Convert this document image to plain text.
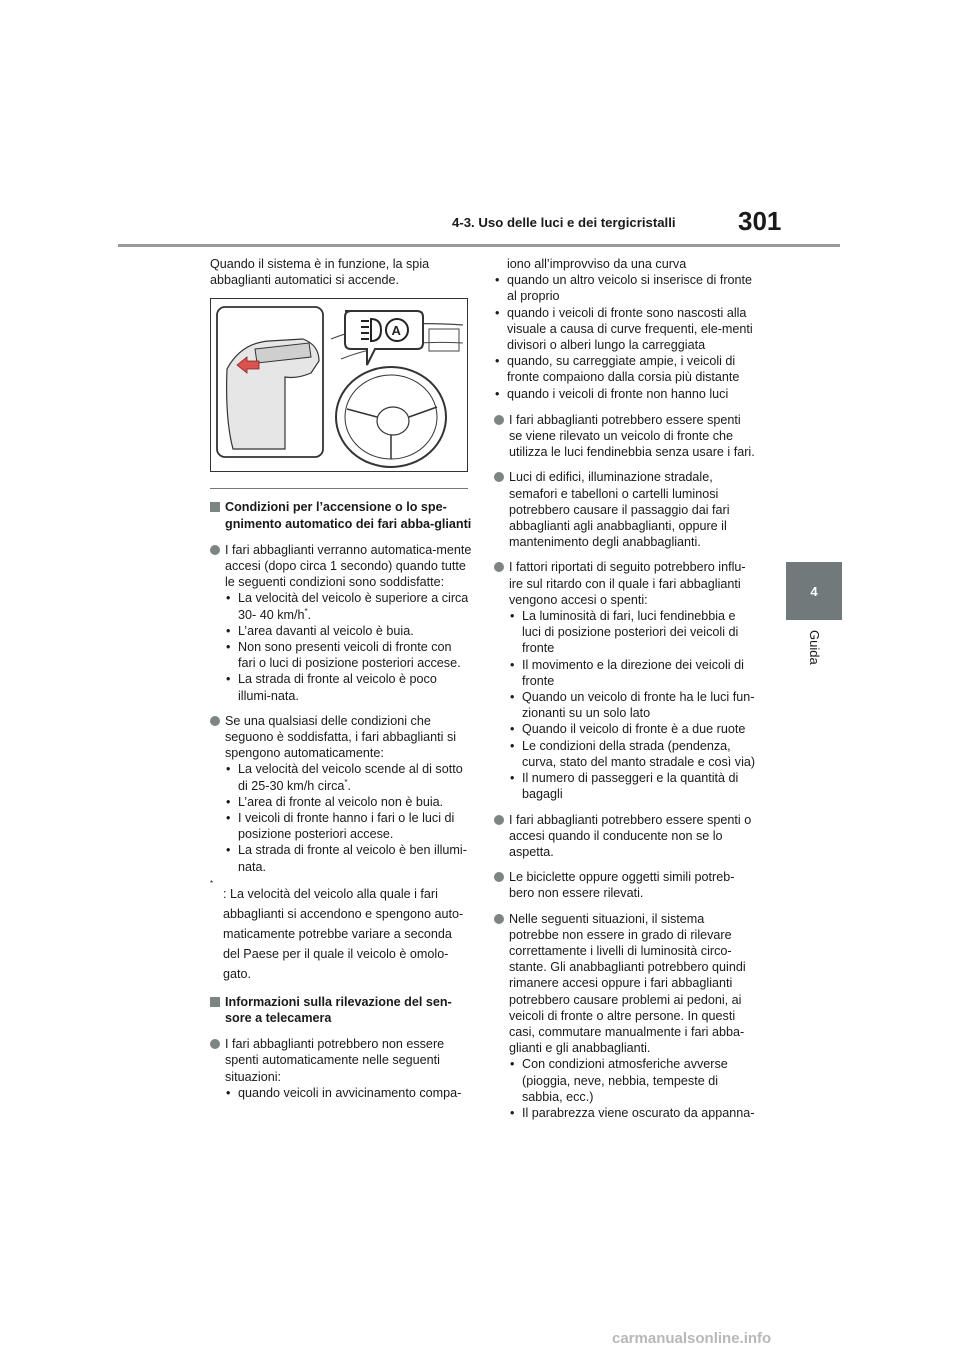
4-3. Uso delle luci e dei tergicristalli 301
4
Guida

Quando il sistema è in funzione, la spia abbaglianti automatici si accende.

A
Condizioni per l’accensione o lo spe-gnimento automatico dei fari abba-glianti
I fari abbaglianti verranno automatica-mente accesi (dopo circa 1 secondo) quando tutte le seguenti condizioni sono soddisfatte:
• La velocità del veicolo è superiore a circa 30- 40 km/h*.
• L’area davanti al veicolo è buia.
• Non sono presenti veicoli di fronte con fari o luci di posizione posteriori accese.
• La strada di fronte al veicolo è poco illumi-nata.
Se una qualsiasi delle condizioni che seguono è soddisfatta, i fari abbaglianti si spengono automaticamente:
• La velocità del veicolo scende al di sotto di 25-30 km/h circa*.
• L’area di fronte al veicolo non è buia.
• I veicoli di fronte hanno i fari o le luci di posizione posteriori accese.
• La strada di fronte al veicolo è ben illumi-nata.
*
: La velocità del veicolo alla quale i fari abbaglianti si accendono e spengono auto-maticamente potrebbe variare a seconda del Paese per il quale il veicolo è omolo-gato.
Informazioni sulla rilevazione del sen-sore a telecamera
I fari abbaglianti potrebbero non essere spenti automaticamente nelle seguenti situazioni:
• quando veicoli in avvicinamento compa-
iono all’improvviso da una curva
• quando un altro veicolo si inserisce di fronte al proprio
• quando i veicoli di fronte sono nascosti alla visuale a causa di curve frequenti, ele-menti divisori o alberi lungo la carreggiata
• quando, su carreggiate ampie, i veicoli di fronte compaiono dalla corsia più distante
• quando i veicoli di fronte non hanno luci
I fari abbaglianti potrebbero essere spenti se viene rilevato un veicolo di fronte che utilizza le luci fendinebbia senza usare i fari.
Luci di edifici, illuminazione stradale, semafori e tabelloni o cartelli luminosi potrebbero causare il passaggio dai fari abbaglianti agli anabbaglianti, oppure il mantenimento degli anabbaglianti.
I fattori riportati di seguito potrebbero influ-ire sul ritardo con il quale i fari abbaglianti vengono accesi o spenti:
• La luminosità di fari, luci fendinebbia e luci di posizione posteriori dei veicoli di fronte
• Il movimento e la direzione dei veicoli di fronte
• Quando un veicolo di fronte ha le luci fun-zionanti su un solo lato
• Quando il veicolo di fronte è a due ruote
• Le condizioni della strada (pendenza, curva, stato del manto stradale e così via)
• Il numero di passeggeri e la quantità di bagagli
I fari abbaglianti potrebbero essere spenti o accesi quando il conducente non se lo aspetta.
Le biciclette oppure oggetti simili potreb-bero non essere rilevati.
Nelle seguenti situazioni, il sistema potrebbe non essere in grado di rilevare correttamente i livelli di luminosità circo-stante. Gli anabbaglianti potrebbero quindi rimanere accesi oppure i fari abbaglianti potrebbero causare problemi ai pedoni, ai veicoli di fronte o altre persone. In questi casi, commutare manualmente i fari abba-glianti e gli anabbaglianti.
• Con condizioni atmosferiche avverse (pioggia, neve, nebbia, tempeste di sabbia, ecc.)
• Il parabrezza viene oscurato da appanna-
carmanualsonline.info
